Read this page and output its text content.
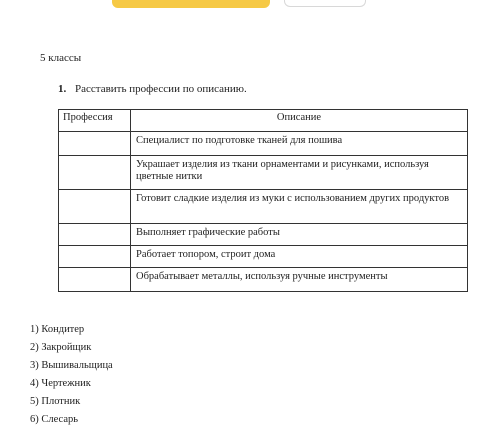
5 классы
1. Расставить профессии по описанию.
Профессия	Описание
	Специалист по подготовке тканей для пошива
	Украшает изделия из ткани орнаментами и рисунками, используя цветные нитки
	Готовит сладкие изделия из муки с использованием других продуктов
	Выполняет графические работы
	Работает топором, строит дома
	Обрабатывает металлы, используя ручные инструменты
1) Кондитер
2) Закройщик
3) Вышивальщица
4) Чертежник
5) Плотник
6) Слесарь
